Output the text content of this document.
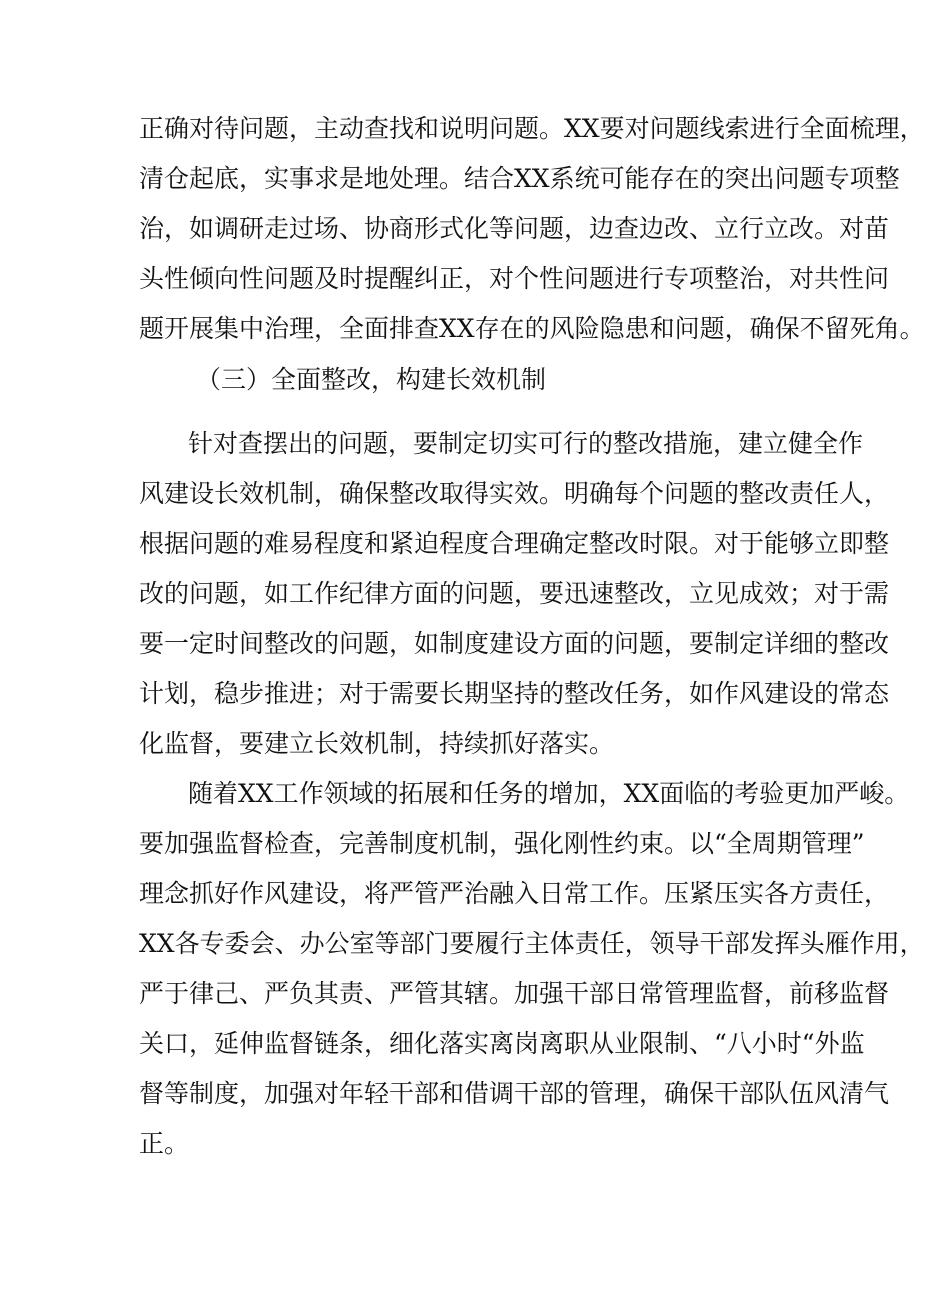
正确对待问题，主动查找和说明问题。XX要对问题线索进行全面梳理，
清仓起底，实事求是地处理。结合XX系统可能存在的突出问题专项整
治，如调研走过场、协商形式化等问题，边查边改、立行立改。对苗
头性倾向性问题及时提醒纠正，对个性问题进行专项整治，对共性问
题开展集中治理，全面排查XX存在的风险隐患和问题，确保不留死角。
（三）全面整改，构建长效机制
针对查摆出的问题，要制定切实可行的整改措施，建立健全作
风建设长效机制，确保整改取得实效。明确每个问题的整改责任人，
根据问题的难易程度和紧迫程度合理确定整改时限。对于能够立即整
改的问题，如工作纪律方面的问题，要迅速整改，立见成效；对于需
要一定时间整改的问题，如制度建设方面的问题，要制定详细的整改
计划，稳步推进；对于需要长期坚持的整改任务，如作风建设的常态
化监督，要建立长效机制，持续抓好落实。
随着XX工作领域的拓展和任务的增加，XX面临的考验更加严峻。
要加强监督检查，完善制度机制，强化刚性约束。以“全周期管理”
理念抓好作风建设，将严管严治融入日常工作。压紧压实各方责任，
XX各专委会、办公室等部门要履行主体责任，领导干部发挥头雁作用，
严于律己、严负其责、严管其辖。加强干部日常管理监督，前移监督
关口，延伸监督链条，细化落实离岗离职从业限制、“八小时“外监
督等制度，加强对年轻干部和借调干部的管理，确保干部队伍风清气
正。
